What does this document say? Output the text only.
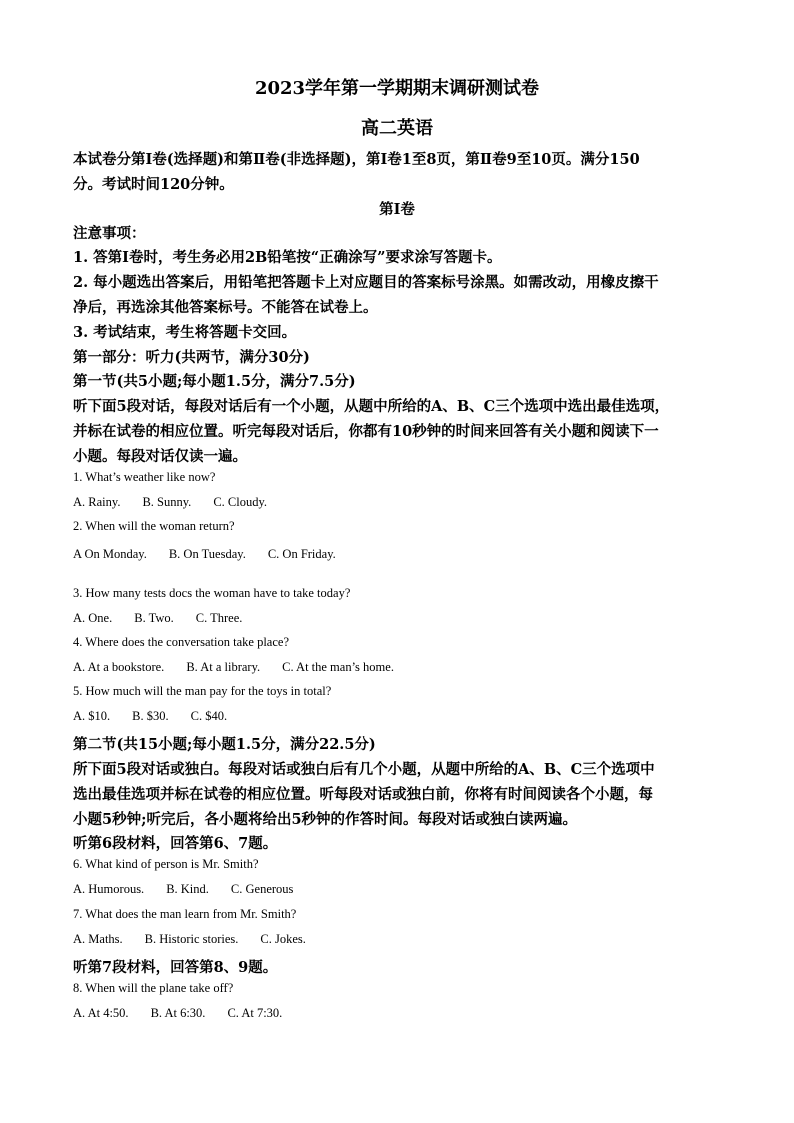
2023学年第一学期期末调研测试卷
高二英语
本试卷分第Ⅰ卷(选择题)和第Ⅱ卷(非选择题)，第Ⅰ卷1至8页，第Ⅱ卷9至10页。满分150
分。考试时间120分钟。
第Ⅰ卷
注意事项：
1. 答第Ⅰ卷时，考生务必用2B铅笔按“正确涂写”要求涂写答题卡。
2. 每小题选出答案后，用铅笔把答题卡上对应题目的答案标号涂黑。如需改动，用橡皮擦干
净后，再选涂其他答案标号。不能答在试卷上。
3. 考试结束，考生将答题卡交回。
第一部分：听力(共两节，满分30分)
第一节(共5小题;每小题1.5分，满分7.5分)
听下面5段对话，每段对话后有一个小题，从题中所给的A、B、C三个选项中选出最佳选项，
并标在试卷的相应位置。听完每段对话后，你都有10秒钟的时间来回答有关小题和阅读下一
小题。每段对话仅读一遍。
1. What’s weather like now?
A. Rainy. B. Sunny. C. Cloudy.
2. When will the woman return?
A On Monday. B. On Tuesday. C. On Friday.
3. How many tests docs the woman have to take today?
A. One. B. Two. C. Three.
4. Where does the conversation take place?
A. At a bookstore. B. At a library. C. At the man’s home.
5. How much will the man pay for the toys in total?
A. $10. B. $30. C. $40.
第二节(共15小题;每小题1.5分，满分22.5分)
所下面5段对话或独白。每段对话或独白后有几个小题，从题中所给的A、B、C三个选项中
选出最佳选项并标在试卷的相应位置。听每段对话或独白前，你将有时间阅读各个小题，每
小题5秒钟;听完后，各小题将给出5秒钟的作答时间。每段对话或独白读两遍。
听第6段材料，回答第6、7题。
6. What kind of person is Mr. Smith?
A. Humorous. B. Kind. C. Generous
7. What does the man learn from Mr. Smith?
A. Maths. B. Historic stories. C. Jokes.
听第7段材料，回答第8、9题。
8. When will the plane take off?
A. At 4:50. B. At 6:30. C. At 7:30.
